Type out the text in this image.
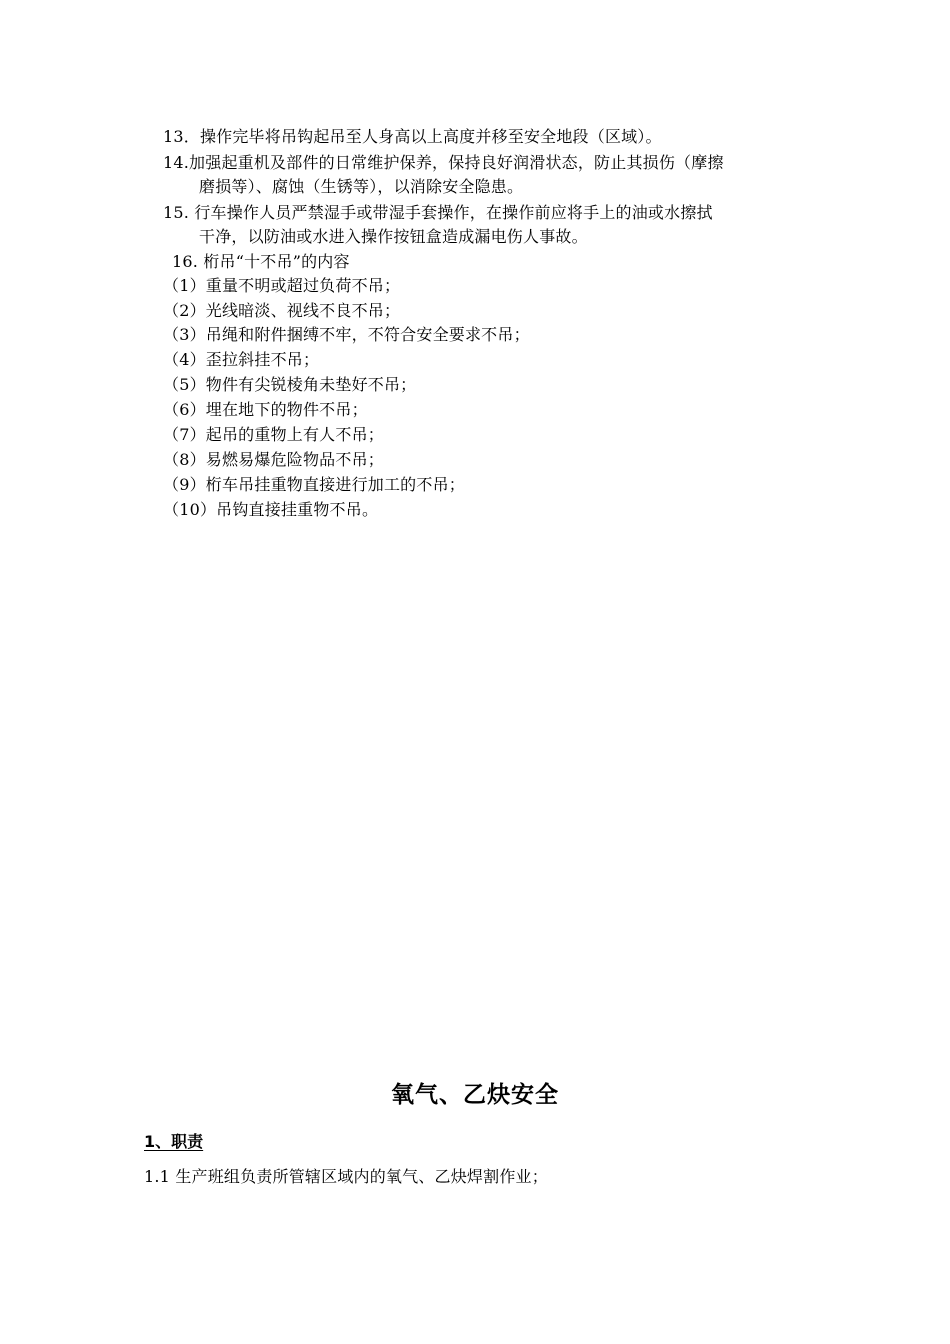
13．操作完毕将吊钩起吊至人身高以上高度并移至安全地段（区域）。
14.加强起重机及部件的日常维护保养，保持良好润滑状态，防止其损伤（摩擦
磨损等）、腐蚀（生锈等），以消除安全隐患。
15. 行车操作人员严禁湿手或带湿手套操作，在操作前应将手上的油或水擦拭
干净，以防油或水进入操作按钮盒造成漏电伤人事故。
16. 桁吊“十不吊”的内容
（1）重量不明或超过负荷不吊；
（2）光线暗淡、视线不良不吊；
（3）吊绳和附件捆缚不牢，不符合安全要求不吊；
（4）歪拉斜挂不吊；
（5）物件有尖锐棱角未垫好不吊；
（6）埋在地下的物件不吊；
（7）起吊的重物上有人不吊；
（8）易燃易爆危险物品不吊；
（9）桁车吊挂重物直接进行加工的不吊；
（10）吊钩直接挂重物不吊。
氧气、乙炔安全
1、职责
1.1 生产班组负责所管辖区域内的氧气、乙炔焊割作业；
